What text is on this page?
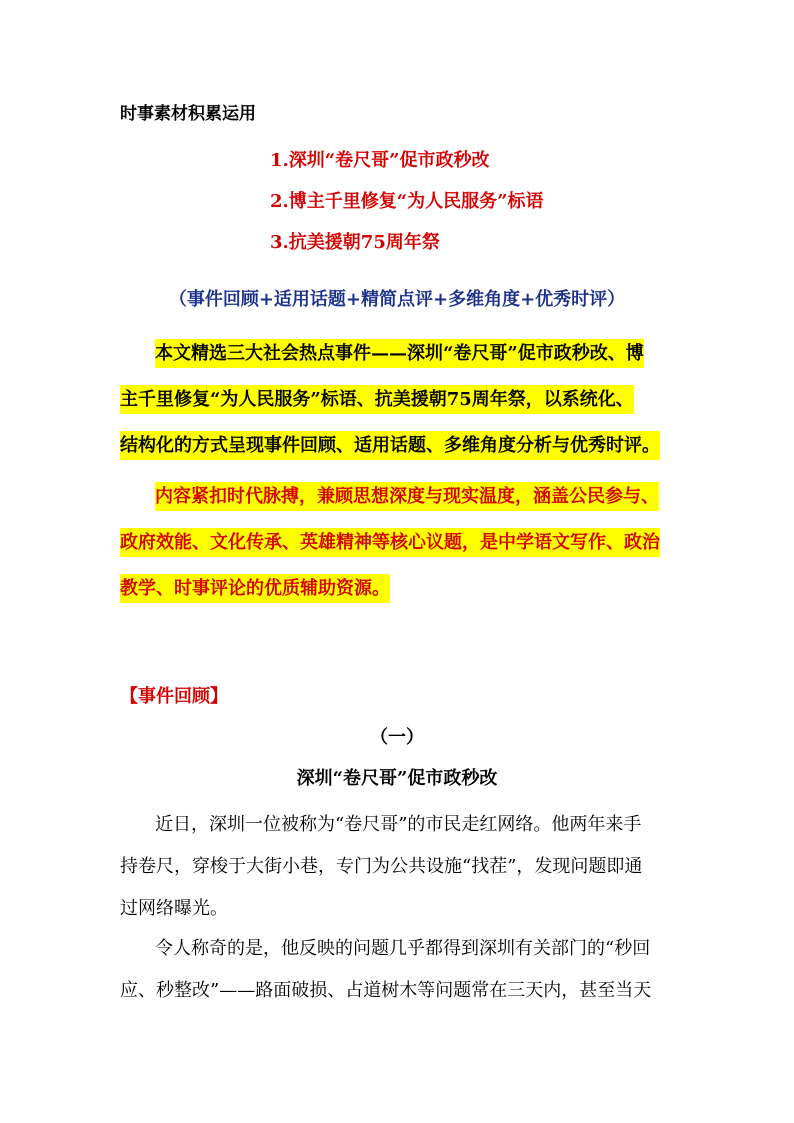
时事素材积累运用
1.深圳“卷尺哥”促市政秒改
2.博主千里修复“为人民服务”标语
3.抗美援朝75周年祭
（事件回顾+适用话题+精简点评+多维角度+优秀时评）
本文精选三大社会热点事件——深圳“卷尺哥”促市政秒改、博
主千里修复“为人民服务”标语、抗美援朝75周年祭，以系统化、
结构化的方式呈现事件回顾、适用话题、多维角度分析与优秀时评。
内容紧扣时代脉搏，兼顾思想深度与现实温度，涵盖公民参与、
政府效能、文化传承、英雄精神等核心议题，是中学语文写作、政治
教学、时事评论的优质辅助资源。
【事件回顾】
（一）
深圳“卷尺哥”促市政秒改
近日，深圳一位被称为“卷尺哥”的市民走红网络。他两年来手
持卷尺，穿梭于大街小巷，专门为公共设施“找茬”，发现问题即通
过网络曝光。
令人称奇的是，他反映的问题几乎都得到深圳有关部门的“秒回
应、秒整改”——路面破损、占道树木等问题常在三天内，甚至当天
